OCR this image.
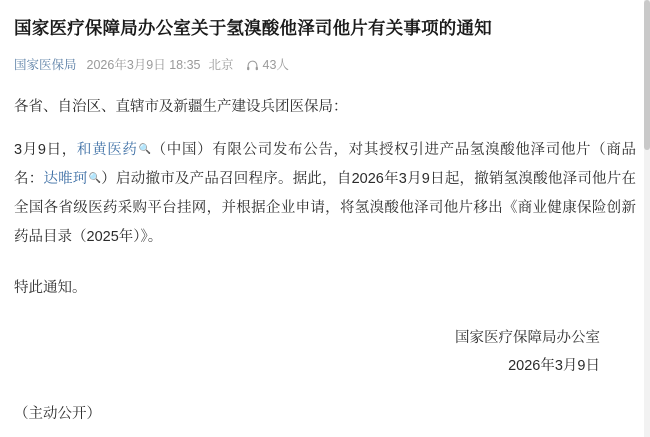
国家医疗保障局办公室关于氢溴酸他泽司他片有关事项的通知
国家医保局 2026年3月9日 18:35 北京 43人

各省、自治区、直辖市及新疆生产建设兵团医保局：

3月9日，和黄医药🔍（中国）有限公司发布公告，对其授权引进产品氢溴酸他泽司他片（商品名：达唯珂🔍）启动撤市及产品召回程序。据此，自2026年3月9日起，撤销氢溴酸他泽司他片在全国各省级医药采购平台挂网，并根据企业申请，将氢溴酸他泽司他片移出《商业健康保险创新药品目录（2025年）》。

特此通知。

国家医疗保障局办公室
2026年3月9日
（主动公开）
